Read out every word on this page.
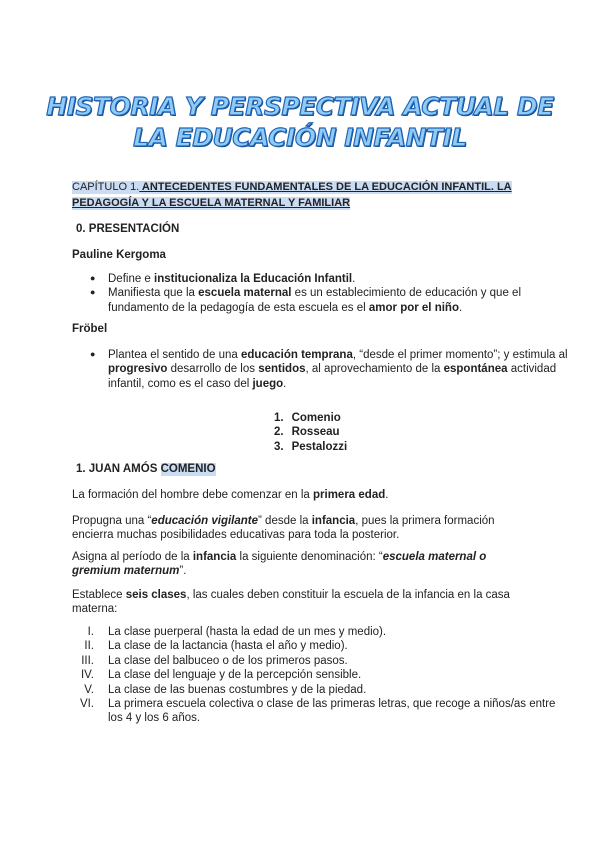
HISTORIA Y PERSPECTIVA ACTUAL DE
LA EDUCACIÓN INFANTIL
CAPÍTULO 1. ANTECEDENTES FUNDAMENTALES DE LA EDUCACIÓN INFANTIL. LA PEDAGOGÍA Y LA ESCUELA MATERNAL Y FAMILIAR
0. PRESENTACIÓN
Pauline Kergoma
● Define e institucionaliza la Educación Infantil.
● Manifiesta que la escuela maternal es un establecimiento de educación y que el fundamento de la pedagogía de esta escuela es el amor por el niño.
Fröbel
● Plantea el sentido de una educación temprana, “desde el primer momento”; y estimula al progresivo desarrollo de los sentidos, al aprovechamiento de la espontánea actividad infantil, como es el caso del juego.
1. Comenio
2. Rosseau
3. Pestalozzi
1. JUAN AMÓS COMENIO

La formación del hombre debe comenzar en la primera edad.

Propugna una “educación vigilante” desde la infancia, pues la primera formación encierra muchas posibilidades educativas para toda la posterior.

Asigna al período de la infancia la siguiente denominación: “escuela maternal o gremium maternum”.

Establece seis clases, las cuales deben constituir la escuela de la infancia en la casa materna:

I. La clase puerperal (hasta la edad de un mes y medio).
II. La clase de la lactancia (hasta el año y medio).
III. La clase del balbuceo o de los primeros pasos.
IV. La clase del lenguaje y de la percepción sensible.
V. La clase de las buenas costumbres y de la piedad.
VI. La primera escuela colectiva o clase de las primeras letras, que recoge a niños/as entre los 4 y los 6 años.
